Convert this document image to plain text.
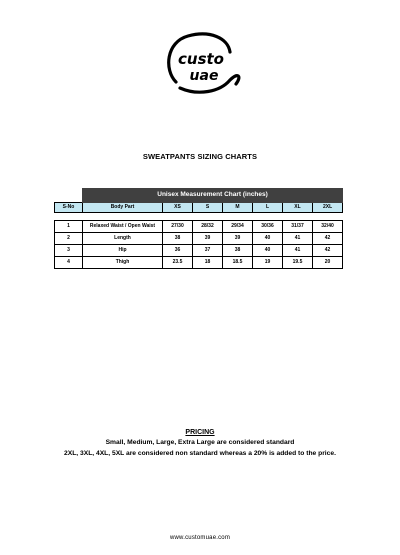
custo
uae
SWEATPANTS SIZING CHARTS
	Unisex Measurement Chart (inches)						
S-No	Body Part	XS	S	M	L	XL	2XL

1	Relaxed Waist / Open Waist	27/30	28/32	29/34	30/36	31/37	32/40
2	Length	38	39	39	40	41	42
3	Hip	36	37	38	40	41	42
4	Thigh	23.5	18	18.5	19	19.5	20
PRICING
Small, Medium, Large, Extra Large are considered standard
2XL, 3XL, 4XL, 5XL are considered non standard whereas a 20% is added to the price.
www.customuae.com
